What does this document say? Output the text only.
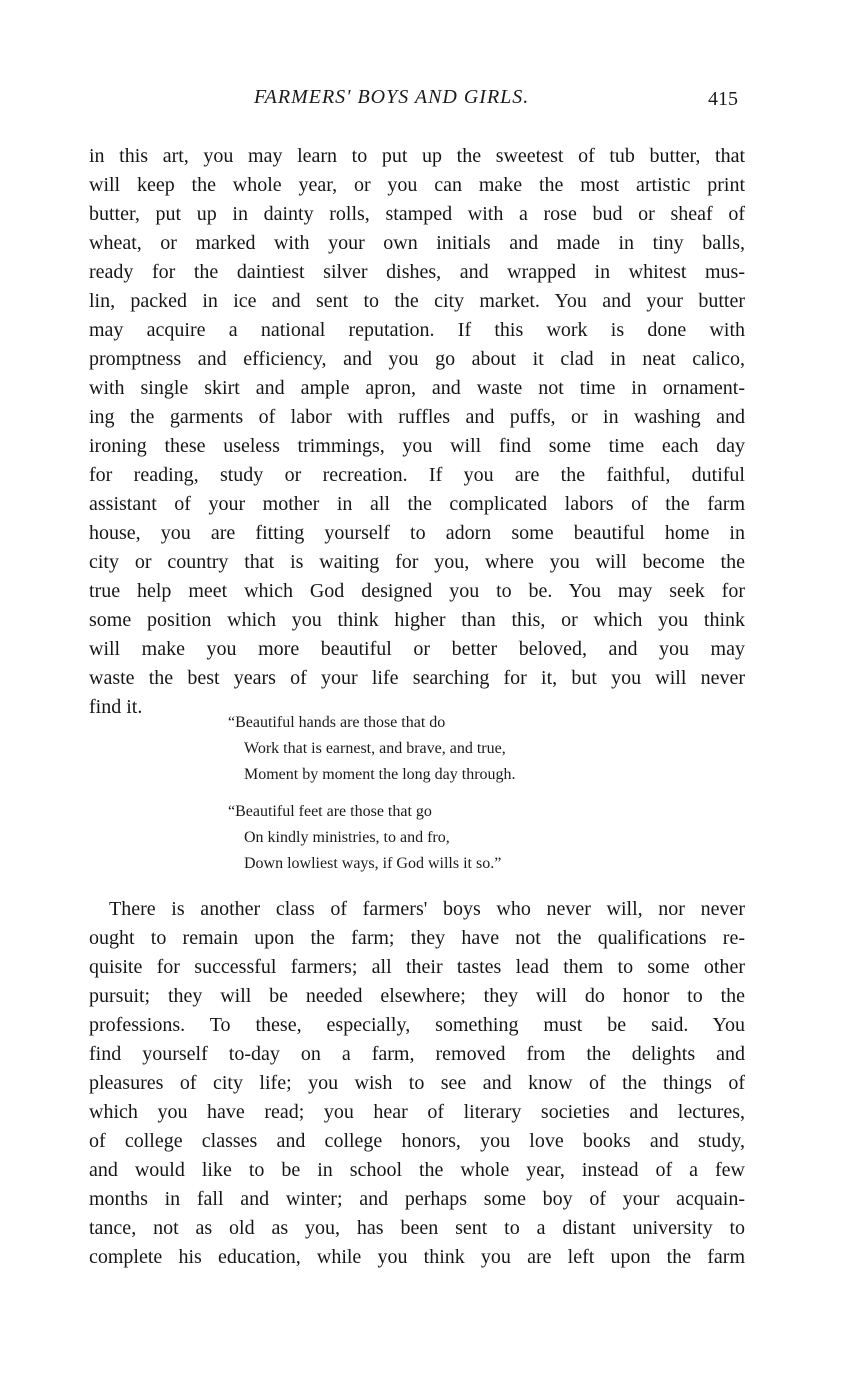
FARMERS' BOYS AND GIRLS.	415
in this art, you may learn to put up the sweetest of tub butter, that
will keep the whole year, or you can make the most artistic print
butter, put up in dainty rolls, stamped with a rose bud or sheaf of
wheat, or marked with your own initials and made in tiny balls,
ready for the daintiest silver dishes, and wrapped in whitest mus-
lin, packed in ice and sent to the city market. You and your butter
may acquire a national reputation. If this work is done with
promptness and efficiency, and you go about it clad in neat calico,
with single skirt and ample apron, and waste not time in ornament-
ing the garments of labor with ruffles and puffs, or in washing and
ironing these useless trimmings, you will find some time each day
for reading, study or recreation. If you are the faithful, dutiful
assistant of your mother in all the complicated labors of the farm
house, you are fitting yourself to adorn some beautiful home in
city or country that is waiting for you, where you will become the
true help meet which God designed you to be. You may seek for
some position which you think higher than this, or which you think
will make you more beautiful or better beloved, and you may
waste the best years of your life searching for it, but you will never
find it.
“Beautiful hands are those that do
Work that is earnest, and brave, and true,
Moment by moment the long day through.
“Beautiful feet are those that go
On kindly ministries, to and fro,
Down lowliest ways, if God wills it so.”
There is another class of farmers' boys who never will, nor never
ought to remain upon the farm; they have not the qualifications re-
quisite for successful farmers; all their tastes lead them to some other
pursuit; they will be needed elsewhere; they will do honor to the
professions. To these, especially, something must be said. You
find yourself to-day on a farm, removed from the delights and
pleasures of city life; you wish to see and know of the things of
which you have read; you hear of literary societies and lectures,
of college classes and college honors, you love books and study,
and would like to be in school the whole year, instead of a few
months in fall and winter; and perhaps some boy of your acquain-
tance, not as old as you, has been sent to a distant university to
complete his education, while you think you are left upon the farm
